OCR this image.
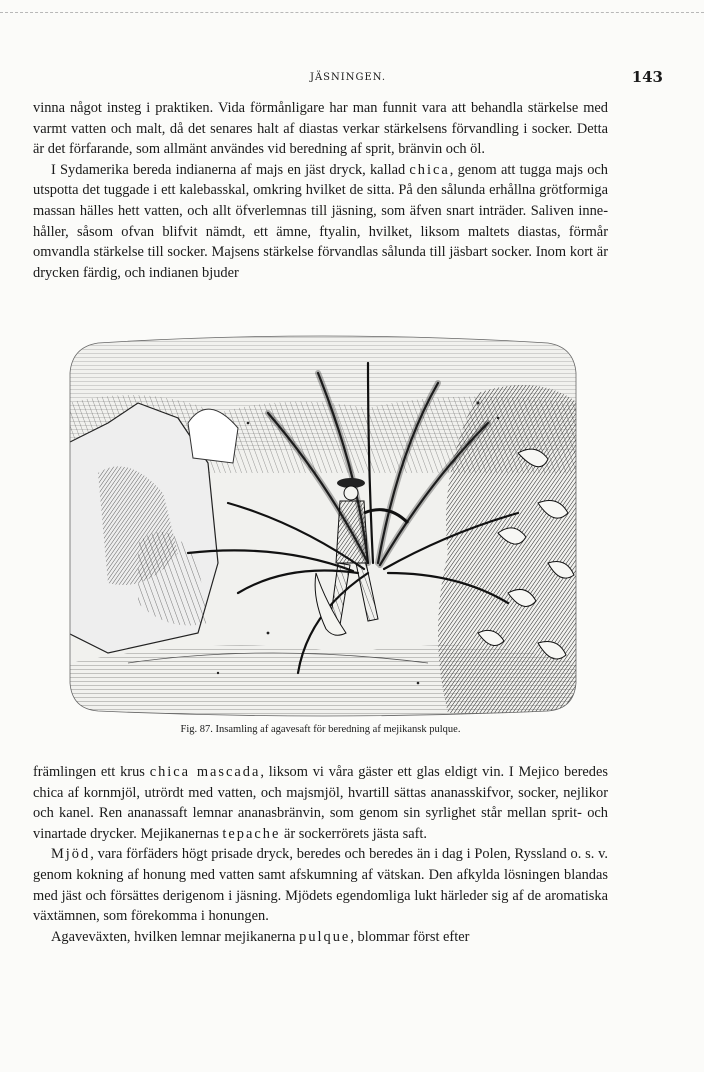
JÄSNINGEN.	143

vinna något insteg i praktiken. Vida förmånligare har man funnit vara att behandla stärkelse med varmt vatten och malt, då det senares halt af diastas verkar stärkelsens förvandling i socker. Detta är det förfarande, som allmänt användes vid beredning af sprit, bränvin och öl.

I Sydamerika bereda indianerna af majs en jäst dryck, kallad chica, genom att tugga majs och utspotta det tuggade i ett kalebasskal, omkring hvilket de sitta. På den sålunda erhållna grötformiga massan hälles hett vatten, och allt öfverlemnas till jäsning, som äfven snart inträder. Saliven innehåller, såsom ofvan blifvit nämdt, ett ämne, ftyalin, hvilket, liksom maltets diastas, förmår omvandla stärkelse till socker. Majsens stärkelse förvandlas sålunda till jäsbart socker. Inom kort är drycken färdig, och indianen bjuder

Fig. 87. Insamling af agavesaft för beredning af mejikansk pulque.

främlingen ett krus chica mascada, liksom vi våra gäster ett glas eldigt vin. I Mejico beredes chica af kornmjöl, utrördt med vatten, och majsmjöl, hvartill sättas ananasskifvor, socker, nejlikor och kanel. Ren ananassaft lemnar ananasbränvin, som genom sin syrlighet står mellan sprit- och vinartade drycker. Mejikanernas tepache är sockerrörets jästa saft.

Mjöd, vara förfäders högt prisade dryck, beredes och beredes än i dag i Polen, Ryssland o. s. v. genom kokning af honung med vatten samt afskumning af vätskan. Den afkylda lösningen blandas med jäst och försättes derigenom i jäsning. Mjödets egendomliga lukt härleder sig af de aromatiska växtämnen, som förekomma i honungen.

Agaveväxten, hvilken lemnar mejikanerna pulque, blommar först efter
